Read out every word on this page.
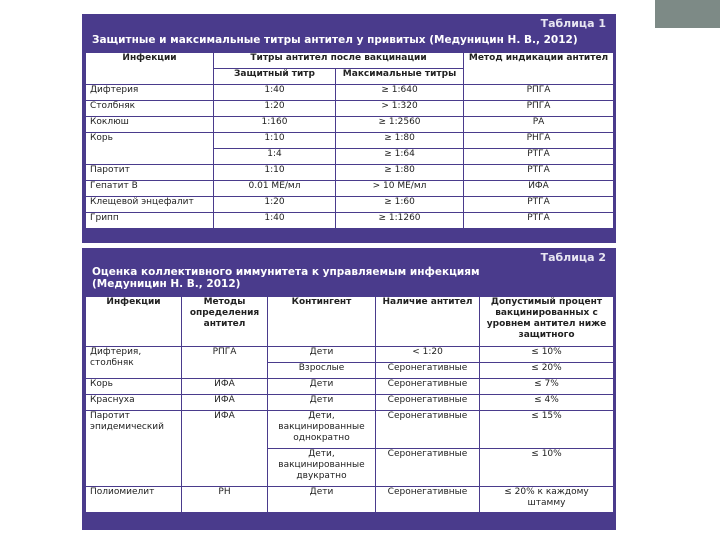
Таблица 1
Защитные и максимальные титры антител у привитых (Медуницин Н. В., 2012)
Инфекции	Титры антител после вакцинации		Метод индикации антител
	Защитный титр	Максимальные титры	
Дифтерия	1:40	≥ 1:640	РПГА
Столбняк	1:20	> 1:320	РПГА
Коклюш	1:160	≥ 1:2560	РА
Корь	1:10	≥ 1:80	РНГА
	1:4	≥ 1:64	РТГА
Паротит	1:10	≥ 1:80	РТГА
Гепатит В	0.01 МЕ/мл	> 10 МЕ/мл	ИФА
Клещевой энцефалит	1:20	≥ 1:60	РТГА
Грипп	1:40	≥ 1:1260	РТГА
Таблица 2
Оценка коллективного иммунитета к управляемым инфекциям
(Медуницин Н. В., 2012)
Инфекции	Методы определения антител	Контингент	Наличие антител	Допустимый процент вакцинированных с уровнем антител ниже защитного
Дифтерия, столбняк	РПГА	Дети	< 1:20	≤ 10%
		Взрослые	Серонегативные	≤ 20%
Корь	ИФА	Дети	Серонегативные	≤ 7%
Краснуха	ИФА	Дети	Серонегативные	≤ 4%
Паротит эпидемический	ИФА	Дети, вакцинированные однократно	Серонегативные	≤ 15%
		Дети, вакцинированные двукратно	Серонегативные	≤ 10%
Полиомиелит	РН	Дети	Серонегативные	≤ 20% к каждому штамму
